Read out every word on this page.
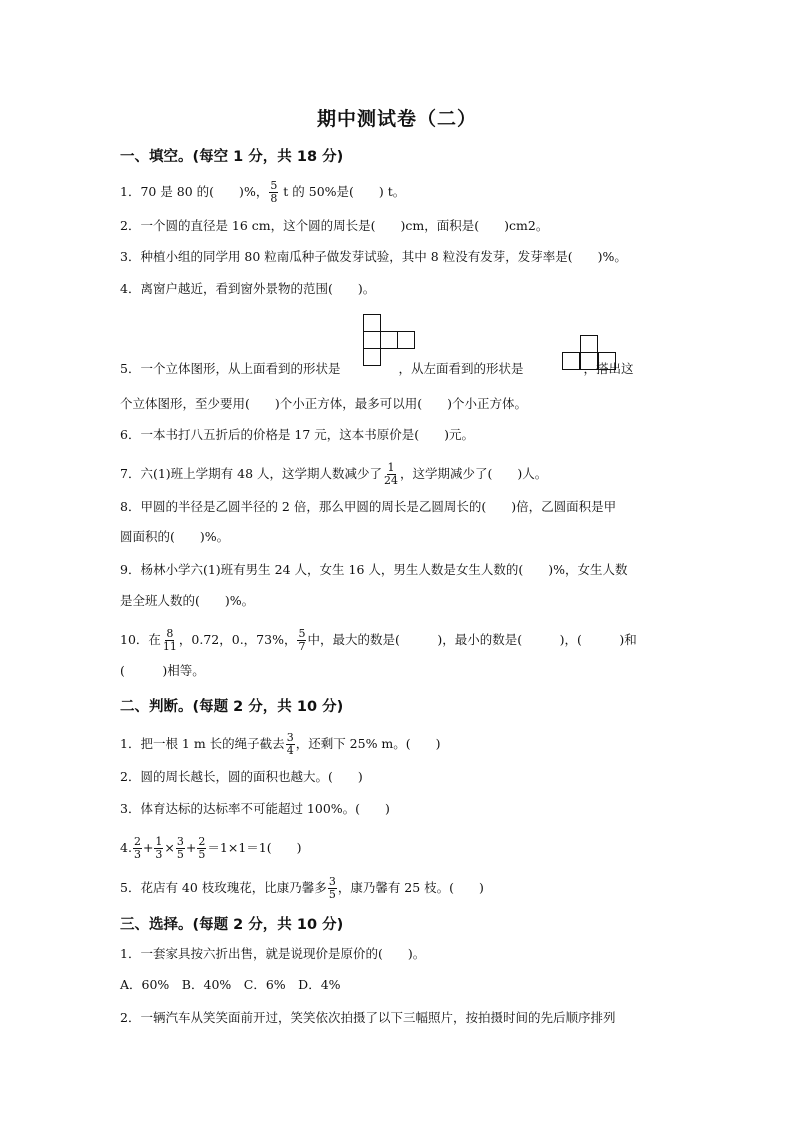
期中测试卷（二）
一、填空。(每空 1 分，共 18 分)
1．70 是 80 的(　　)%， $\frac{5}{8}$ t 的 50%是(　　) t。
2．一个圆的直径是 16 cm，这个圆的周长是(　　)cm，面积是(　　)cm2。
3．种植小组的同学用 80 粒南瓜种子做发芽试验，其中 8 粒没有发芽，发芽率是(　　)%。
4．离窗户越近，看到窗外景物的范围(　　)。
5．一个立体图形，从上面看到的形状是	，从左面看到的形状是	，搭出这
个立体图形，至少要用(　　)个小正方体，最多可以用(　　)个小正方体。
6．一本书打八五折后的价格是 17 元，这本书原价是(　　)元。
7．六(1)班上学期有 48 人，这学期人数减少了 $\frac{1}{24}$ ，这学期减少了(　　)人。
8．甲圆的半径是乙圆半径的 2 倍，那么甲圆的周长是乙圆周长的(　　)倍，乙圆面积是甲
圆面积的(　　)%。
9．杨林小学六(1)班有男生 24 人，女生 16 人，男生人数是女生人数的(　　)%，女生人数
是全班人数的(　　)%。
10．在 $\frac{8}{11}$ ，0.72，0.，73%， $\frac{5}{7}$ 中，最大的数是(　　　)，最小的数是(　　　)，(　　　)和
(　　　)相等。
二、判断。(每题 2 分，共 10 分)
1．把一根 1 m 长的绳子截去 $\frac{3}{4}$ ，还剩下 25% m。(　　)
2．圆的周长越长，圆的面积也越大。(　　)
3．体育达标的达标率不可能超过 100%。(　　)
4. $\frac{2}{3} + \frac{1}{3} \times \frac{3}{5} + \frac{2}{5} =1\times 1=1$(　　)
5．花店有 40 枝玫瑰花，比康乃馨多 $\frac{3}{5}$ ，康乃馨有 25 枝。(　　)
三、选择。(每题 2 分，共 10 分)
1．一套家具按六折出售，就是说现价是原价的(　　)。
A．60%　B．40%　C．6%　D．4%
2．一辆汽车从笑笑面前开过，笑笑依次拍摄了以下三幅照片，按拍摄时间的先后顺序排列
